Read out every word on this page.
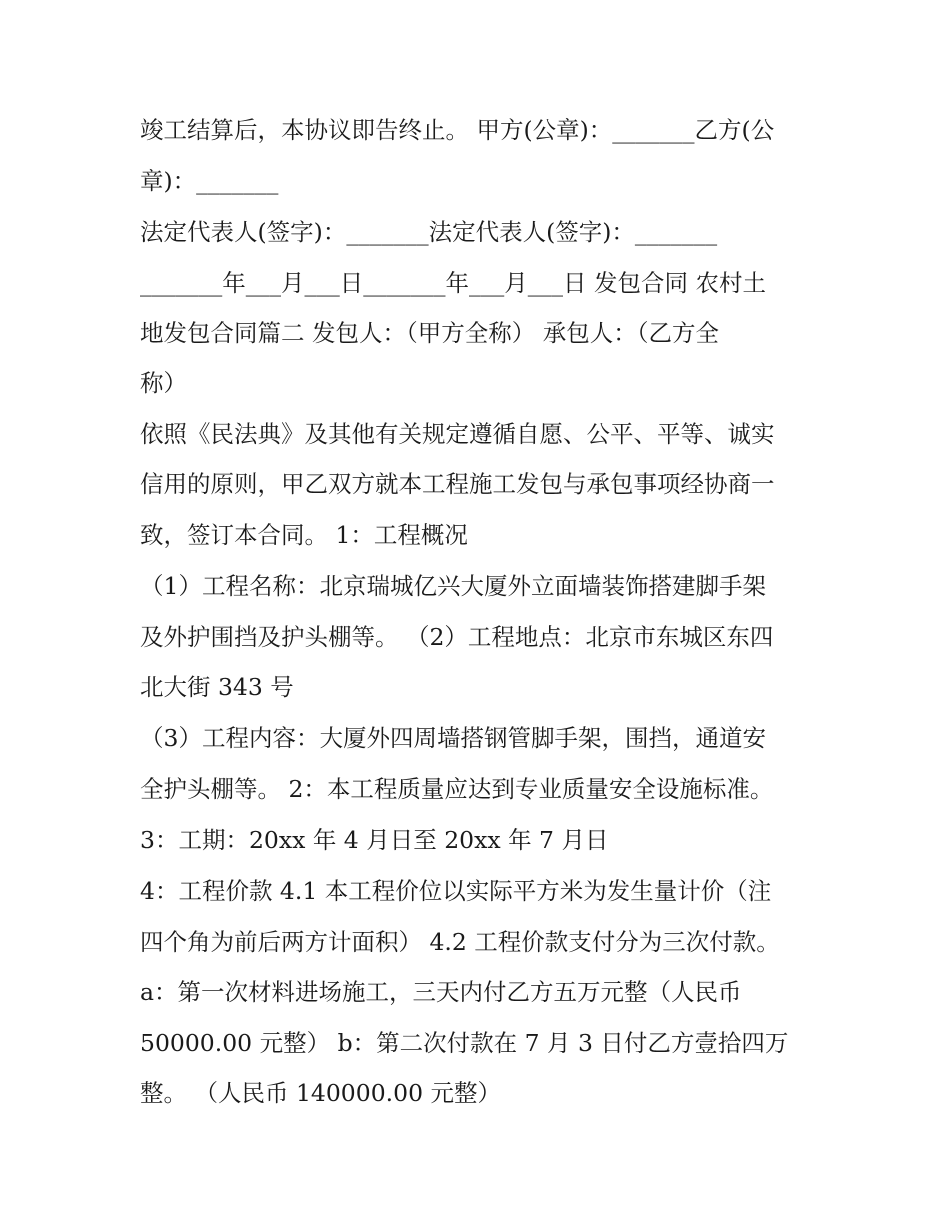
竣工结算后，本协议即告终止。 甲方(公章)：_______乙方(公
章)：_______
法定代表人(签字)：_______法定代表人(签字)：_______
_______年___月___日_______年___月___日 发包合同 农村土
地发包合同篇二 发包人：（甲方全称） 承包人：（乙方全
称）
依照《民法典》及其他有关规定遵循自愿、公平、平等、诚实
信用的原则，甲乙双方就本工程施工发包与承包事项经协商一
致，签订本合同。 1：工程概况
（1）工程名称：北京瑞城亿兴大厦外立面墙装饰搭建脚手架
及外护围挡及护头棚等。 （2）工程地点：北京市东城区东四
北大街 343 号
（3）工程内容：大厦外四周墙搭钢管脚手架，围挡，通道安
全护头棚等。 2：本工程质量应达到专业质量安全设施标准。
3：工期：20xx 年 4 月日至 20xx 年 7 月日
4：工程价款 4.1 本工程价位以实际平方米为发生量计价（注
四个角为前后两方计面积） 4.2 工程价款支付分为三次付款。
a：第一次材料进场施工，三天内付乙方五万元整（人民币
50000.00 元整） b：第二次付款在 7 月 3 日付乙方壹拾四万
整。 （人民币 140000.00 元整）
